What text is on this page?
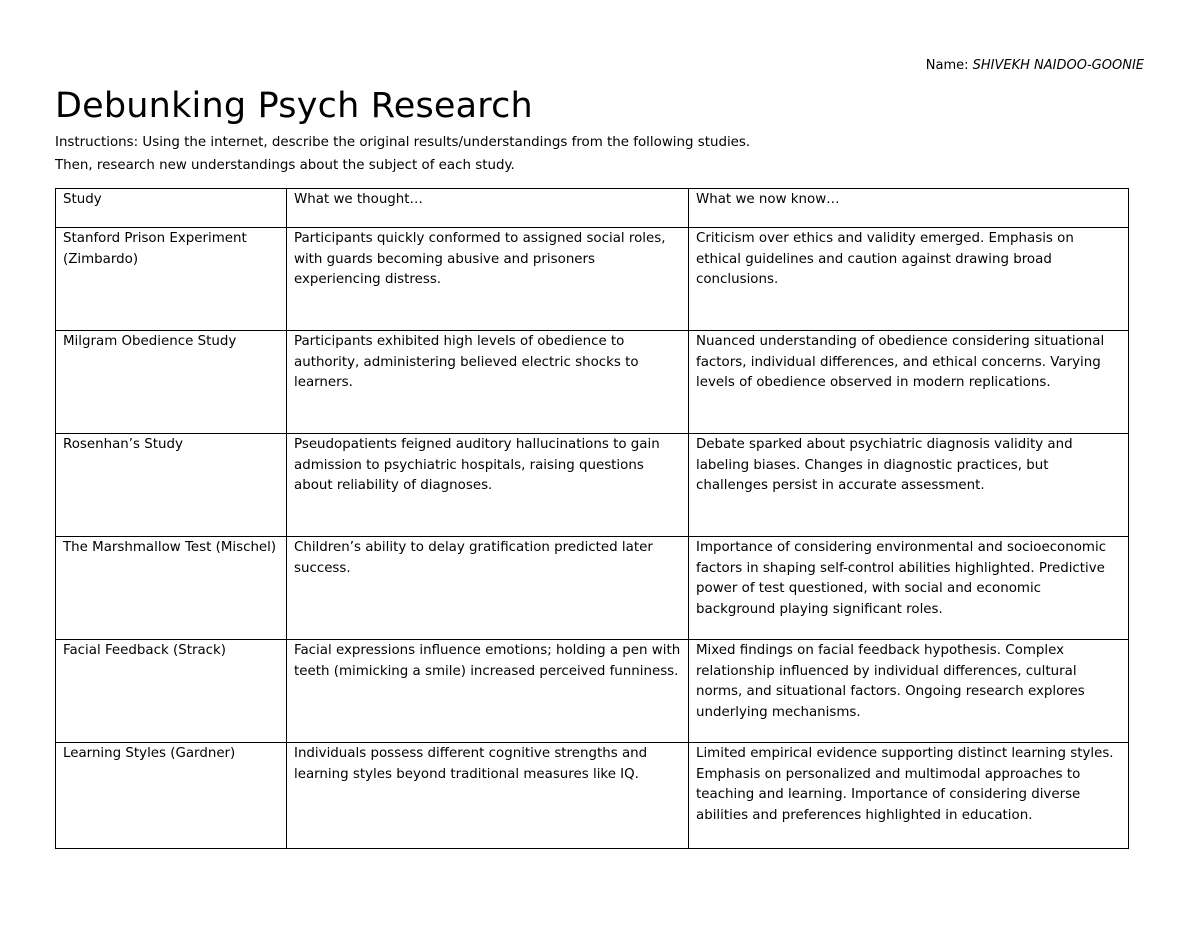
Name: SHIVEKH NAIDOO-GOONIE
Debunking Psych Research
Instructions: Using the internet, describe the original results/understandings from the following studies.
Then, research new understandings about the subject of each study.
Study	What we thought…	What we now know…
Stanford Prison Experiment (Zimbardo)	Participants quickly conformed to assigned social roles, with guards becoming abusive and prisoners experiencing distress.	Criticism over ethics and validity emerged. Emphasis on ethical guidelines and caution against drawing broad conclusions.
Milgram Obedience Study	Participants exhibited high levels of obedience to authority, administering believed electric shocks to learners.	Nuanced understanding of obedience considering situational factors, individual differences, and ethical concerns. Varying levels of obedience observed in modern replications.
Rosenhan’s Study	Pseudopatients feigned auditory hallucinations to gain admission to psychiatric hospitals, raising questions about reliability of diagnoses.	Debate sparked about psychiatric diagnosis validity and labeling biases. Changes in diagnostic practices, but challenges persist in accurate assessment.
The Marshmallow Test (Mischel)	Children’s ability to delay gratification predicted later success.	Importance of considering environmental and socioeconomic factors in shaping self-control abilities highlighted. Predictive power of test questioned, with social and economic background playing significant roles.
Facial Feedback (Strack)	Facial expressions influence emotions; holding a pen with teeth (mimicking a smile) increased perceived funniness.	Mixed findings on facial feedback hypothesis. Complex relationship influenced by individual differences, cultural norms, and situational factors. Ongoing research explores underlying mechanisms.
Learning Styles (Gardner)	Individuals possess different cognitive strengths and learning styles beyond traditional measures like IQ.	Limited empirical evidence supporting distinct learning styles. Emphasis on personalized and multimodal approaches to teaching and learning. Importance of considering diverse abilities and preferences highlighted in education.
